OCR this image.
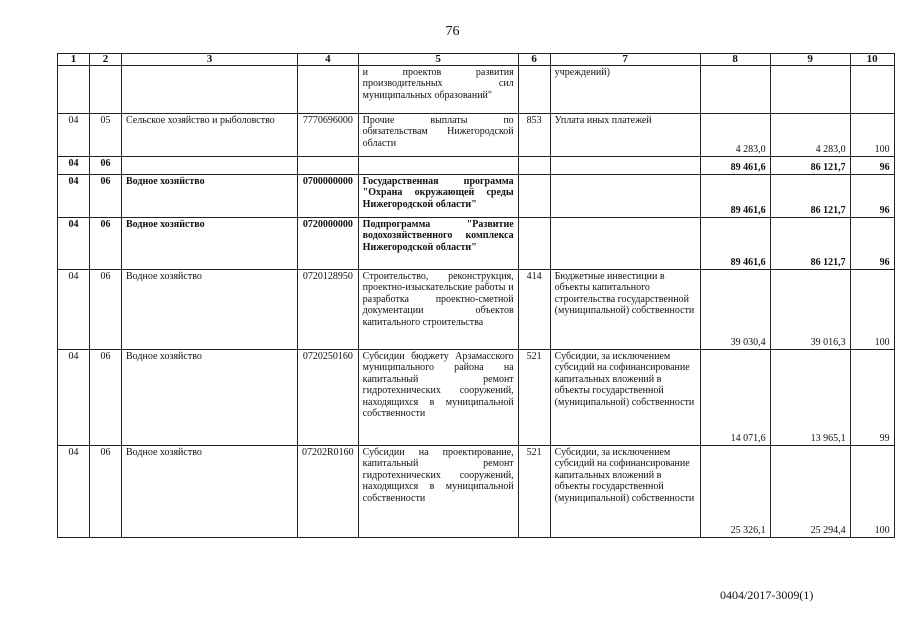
76
1	2	3	4	5	6	7	8	9	10
				и проектов развития производительных сил муниципальных образований"		учреждений)			
04	05	Сельское хозяйство и рыболовство	7770696000	Прочие выплаты по обязательствам Нижегородской области	853	Уплата иных платежей	4 283,0	4 283,0	100
04	06						89 461,6	86 121,7	96
04	06	Водное хозяйство	0700000000	Государственная программа "Охрана окружающей среды Нижегородской области"			89 461,6	86 121,7	96
04	06	Водное хозяйство	0720000000	Подпрограмма "Развитие водохозяйственного комплекса Нижегородской области"			89 461,6	86 121,7	96
04	06	Водное хозяйство	0720128950	Строительство, реконструкция, проектно-изыскательские работы и разработка проектно-сметной документации объектов капитального строительства	414	Бюджетные инвестиции в объекты капитального строительства государственной (муниципальной) собственности	39 030,4	39 016,3	100
04	06	Водное хозяйство	0720250160	Субсидии бюджету Арзамасского муниципального района на капитальный ремонт гидротехнических сооружений, находящихся в муниципальной собственности	521	Субсидии, за исключением субсидий на софинансирование капитальных вложений в объекты государственной (муниципальной) собственности	14 071,6	13 965,1	99
04	06	Водное хозяйство	07202R0160	Субсидии на проектирование, капитальный ремонт гидротехнических сооружений, находящихся в муниципальной собственности	521	Субсидии, за исключением субсидий на софинансирование капитальных вложений в объекты государственной (муниципальной) собственности	25 326,1	25 294,4	100
0404/2017-3009(1)
